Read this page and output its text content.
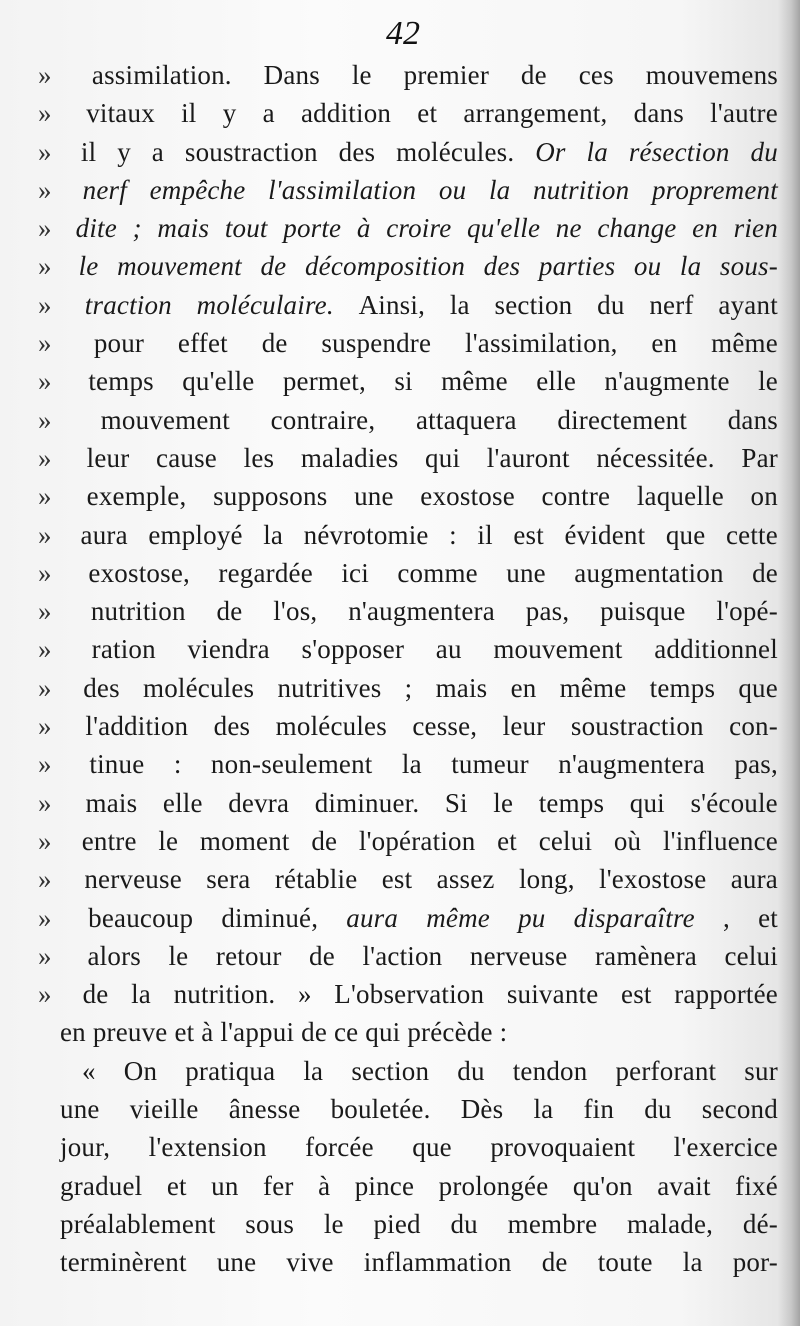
42
»	assimilation. Dans le premier de ces mouvemens
»	vitaux il y a addition et arrangement, dans l'autre
»	il y a soustraction des molécules. Or la résection du
»	nerf empêche l'assimilation ou la nutrition proprement
» dite ; mais tout porte à croire qu'elle ne change en rien
» le mouvement de décomposition des parties ou la sous-
»	traction moléculaire. Ainsi, la section du nerf ayant
»	pour effet de suspendre l'assimilation, en même
»	temps qu'elle permet, si même elle n'augmente le
»	mouvement contraire, attaquera directement dans
»	leur cause les maladies qui l'auront nécessitée. Par
»	exemple, supposons une exostose contre laquelle on
»	aura employé la névrotomie : il est évident que cette
»	exostose, regardée ici comme une augmentation de
»	nutrition de l'os, n'augmentera pas, puisque l'opé-
»	ration viendra s'opposer au mouvement additionnel
»	des molécules nutritives ; mais en même temps que
»	l'addition des molécules cesse, leur soustraction con-
»	tinue : non-seulement la tumeur n'augmentera pas,
»	mais elle devra diminuer. Si le temps qui s'écoule
»	entre le moment de l'opération et celui où l'influence
»	nerveuse sera rétablie est assez long, l'exostose aura
»	beaucoup diminué, aura même pu disparaître , et
»	alors le retour de l'action nerveuse ramènera celui
»	de la nutrition. » L'observation suivante est rapportée
en preuve et à l'appui de ce qui précède :
« On pratiqua la section du tendon perforant sur
une vieille ânesse bouletée. Dès la fin du second
jour, l'extension forcée que provoquaient l'exercice
graduel et un fer à pince prolongée qu'on avait fixé
préalablement sous le pied du membre malade, dé-
terminèrent une vive inflammation de toute la por-
